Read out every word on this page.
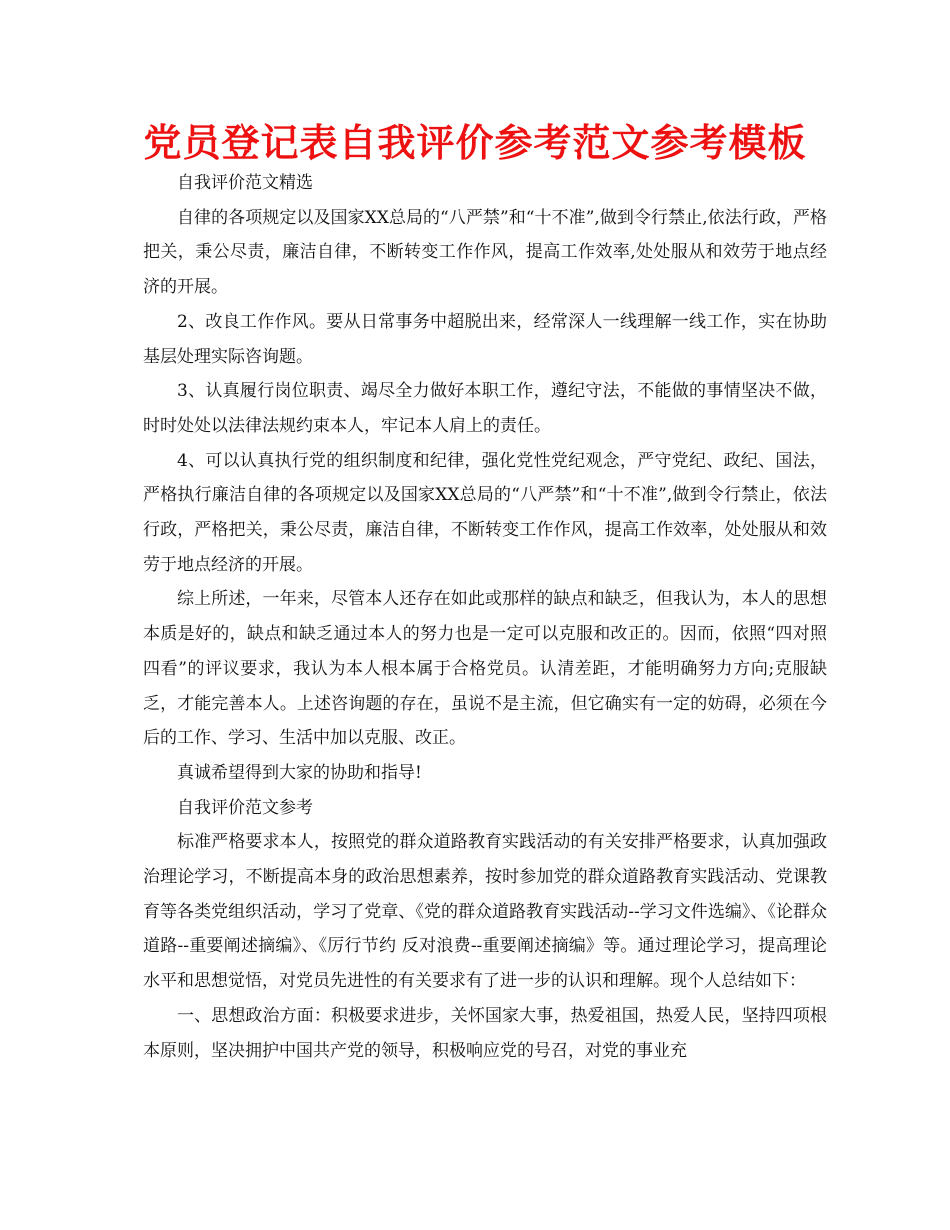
党员登记表自我评价参考范文参考模板

自我评价范文精选

自律的各项规定以及国家XX总局的“八严禁”和“十不准”,做到令行禁止,依法行政，严格把关，秉公尽责，廉洁自律，不断转变工作作风，提高工作效率,处处服从和效劳于地点经济的开展。

2、改良工作作风。要从日常事务中超脱出来，经常深人一线理解一线工作，实在协助基层处理实际咨询题。

3、认真履行岗位职责、竭尽全力做好本职工作，遵纪守法，不能做的事情坚决不做，时时处处以法律法规约束本人，牢记本人肩上的责任。

4、可以认真执行党的组织制度和纪律，强化党性党纪观念，严守党纪、政纪、国法，严格执行廉洁自律的各项规定以及国家XX总局的“八严禁”和“十不准”,做到令行禁止，依法行政，严格把关，秉公尽责，廉洁自律，不断转变工作作风，提高工作效率，处处服从和效劳于地点经济的开展。

综上所述，一年来，尽管本人还存在如此或那样的缺点和缺乏，但我认为，本人的思想本质是好的，缺点和缺乏通过本人的努力也是一定可以克服和改正的。因而，依照“四对照四看”的评议要求，我认为本人根本属于合格党员。认清差距，才能明确努力方向;克服缺乏，才能完善本人。上述咨询题的存在，虽说不是主流，但它确实有一定的妨碍，必须在今后的工作、学习、生活中加以克服、改正。

真诚希望得到大家的协助和指导!

自我评价范文参考

标准严格要求本人，按照党的群众道路教育实践活动的有关安排严格要求，认真加强政治理论学习，不断提高本身的政治思想素养，按时参加党的群众道路教育实践活动、党课教育等各类党组织活动，学习了党章、《党的群众道路教育实践活动--学习文件选编》、《论群众道路--重要阐述摘编》、《厉行节约 反对浪费--重要阐述摘编》等。通过理论学习，提高理论水平和思想觉悟，对党员先进性的有关要求有了进一步的认识和理解。现个人总结如下：

一、思想政治方面：积极要求进步，关怀国家大事，热爱祖国，热爱人民，坚持四项根本原则，坚决拥护中国共产党的领导，积极响应党的号召，对党的事业充
